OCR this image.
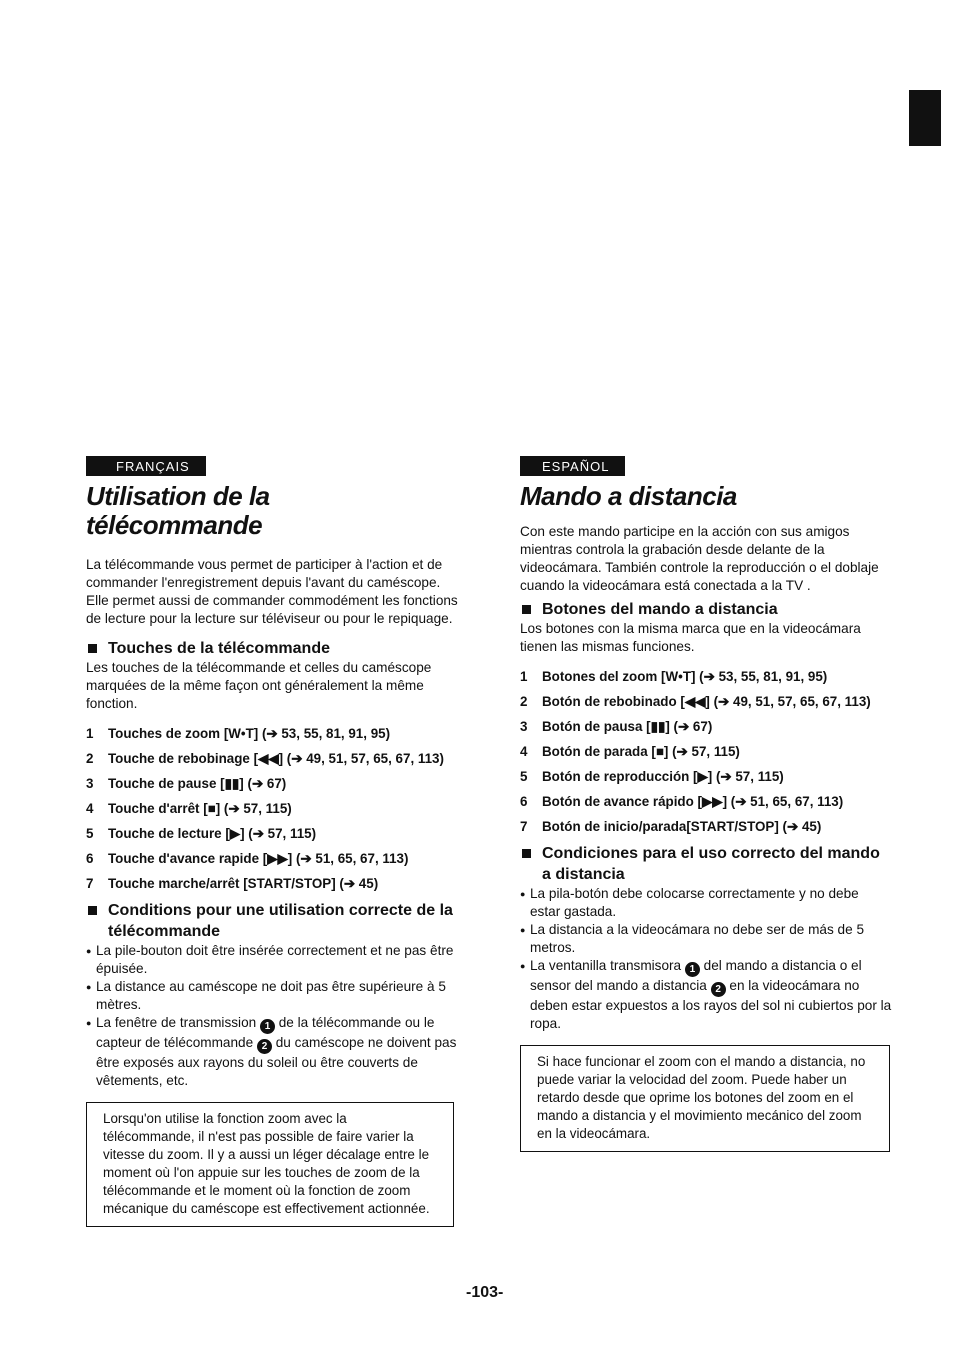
FRANÇAIS
Utilisation de la
télécommande

La télécommande vous permet de participer à l'action et de commander l'enregistrement depuis l'avant du caméscope. Elle permet aussi de commander commodément les fonctions de lecture pour la lecture sur téléviseur ou pour le repiquage.

Touches de la télécommande

Les touches de la télécommande et celles du caméscope marquées de la même façon ont généralement la même fonction.

1 Touches de zoom [W•T] (➔ 53, 55, 81, 91, 95)
2 Touche de rebobinage [◀◀] (➔ 49, 51, 57, 65, 67, 113)
3 Touche de pause [▮▮] (➔ 67)
4 Touche d'arrêt [■] (➔ 57, 115)
5 Touche de lecture [▶] (➔ 57, 115)
6 Touche d'avance rapide [▶▶] (➔ 51, 65, 67, 113)
7 Touche marche/arrêt [START/STOP] (➔ 45)
Conditions pour une utilisation correcte de la télécommande
● La pile-bouton doit être insérée correctement et ne pas être épuisée.
● La distance au caméscope ne doit pas être supérieure à 5 mètres.
● La fenêtre de transmission 1 de la télécommande ou le capteur de télécommande 2 du caméscope ne doivent pas être exposés aux rayons du soleil ou être couverts de vêtements, etc.
Lorsqu'on utilise la fonction zoom avec la télécommande, il n'est pas possible de faire varier la vitesse du zoom. Il y a aussi un léger décalage entre le moment où l'on appuie sur les touches de zoom de la télécommande et le moment où la fonction de zoom mécanique du caméscope est effectivement actionnée.
ESPAÑOL
Mando a distancia

Con este mando participe en la acción con sus amigos mientras controla la grabación desde delante de la videocámara. También controle la reproducción o el doblaje cuando la videocámara está conectada a la TV .

Botones del mando a distancia

Los botones con la misma marca que en la videocámara tienen las mismas funciones.

1 Botones del zoom [W•T] (➔ 53, 55, 81, 91, 95)
2 Botón de rebobinado [◀◀] (➔ 49, 51, 57, 65, 67, 113)
3 Botón de pausa [▮▮] (➔ 67)
4 Botón de parada [■] (➔ 57, 115)
5 Botón de reproducción [▶] (➔ 57, 115)
6 Botón de avance rápido [▶▶] (➔ 51, 65, 67, 113)
7 Botón de inicio/parada[START/STOP] (➔ 45)
Condiciones para el uso correcto del mando a distancia
● La pila-botón debe colocarse correctamente y no debe estar gastada.
● La distancia a la videocámara no debe ser de más de 5 metros.
● La ventanilla transmisora 1 del mando a distancia o el sensor del mando a distancia 2 en la videocámara no deben estar expuestos a los rayos del sol ni cubiertos por la ropa.
Si hace funcionar el zoom con el mando a distancia, no puede variar la velocidad del zoom. Puede haber un retardo desde que oprime los botones del zoom en el mando a distancia y el movimiento mecánico del zoom en la videocámara.
-103-
